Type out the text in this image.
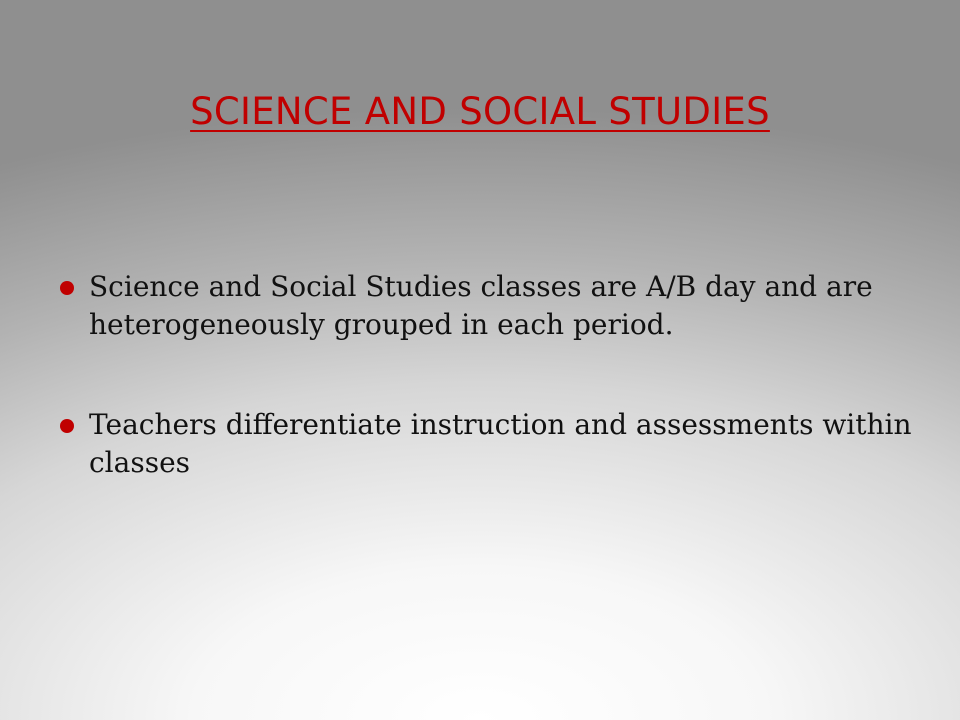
SCIENCE AND SOCIAL STUDIES
Science and Social Studies classes are A/B day and are heterogeneously grouped in each period.
Teachers differentiate instruction and assessments within classes
